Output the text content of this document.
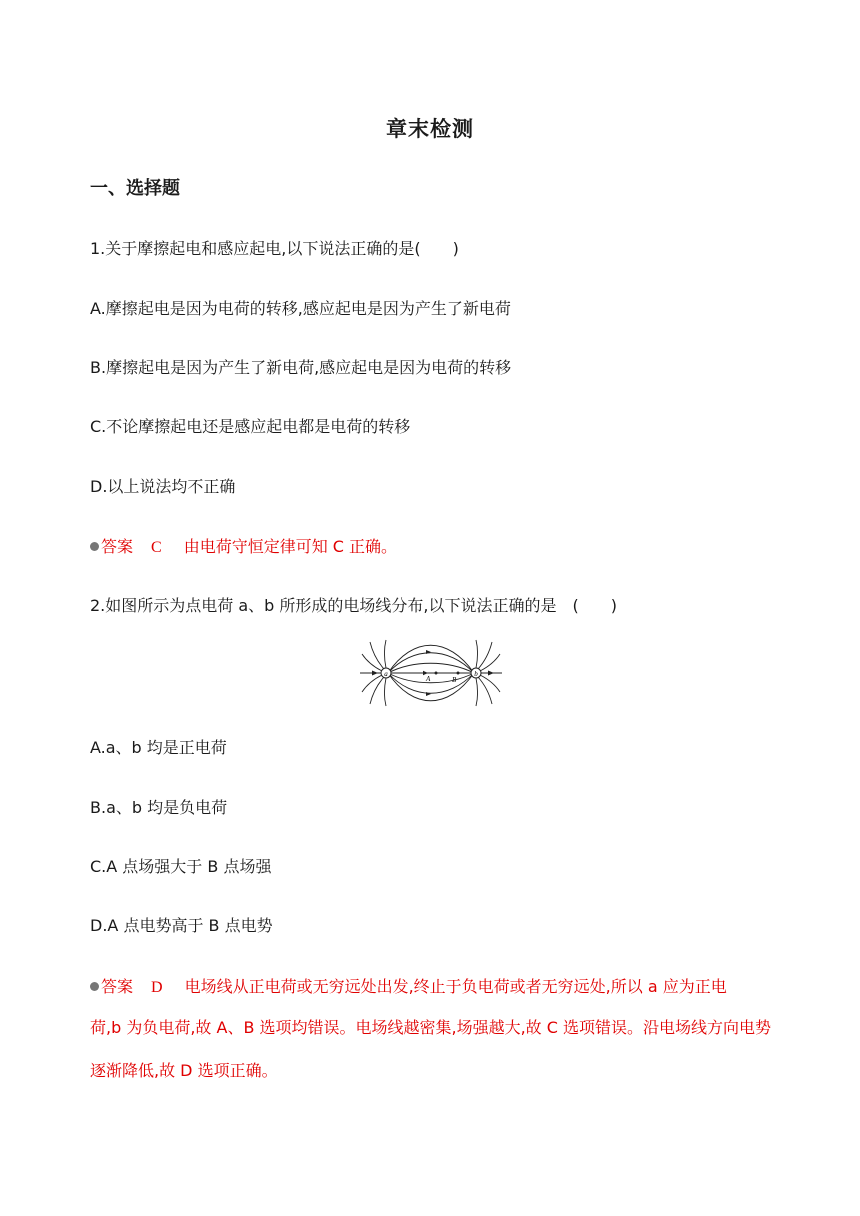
章末检测
一、选择题
1.关于摩擦起电和感应起电,以下说法正确的是(　　)
A.摩擦起电是因为电荷的转移,感应起电是因为产生了新电荷
B.摩擦起电是因为产生了新电荷,感应起电是因为电荷的转移
C.不论摩擦起电还是感应起电都是电荷的转移
D.以上说法均不正确
答案 C 由电荷守恒定律可知 C 正确。
2.如图所示为点电荷 a、b 所形成的电场线分布,以下说法正确的是　(　　)
a	b
A	B
A.a、b 均是正电荷
B.a、b 均是负电荷
C.A 点场强大于 B 点场强
D.A 点电势高于 B 点电势
答案 D 电场线从正电荷或无穷远处出发,终止于负电荷或者无穷远处,所以 a 应为正电
荷,b 为负电荷,故 A、B 选项均错误。电场线越密集,场强越大,故 C 选项错误。沿电场线方向电势逐渐降低,故 D 选项正确。
